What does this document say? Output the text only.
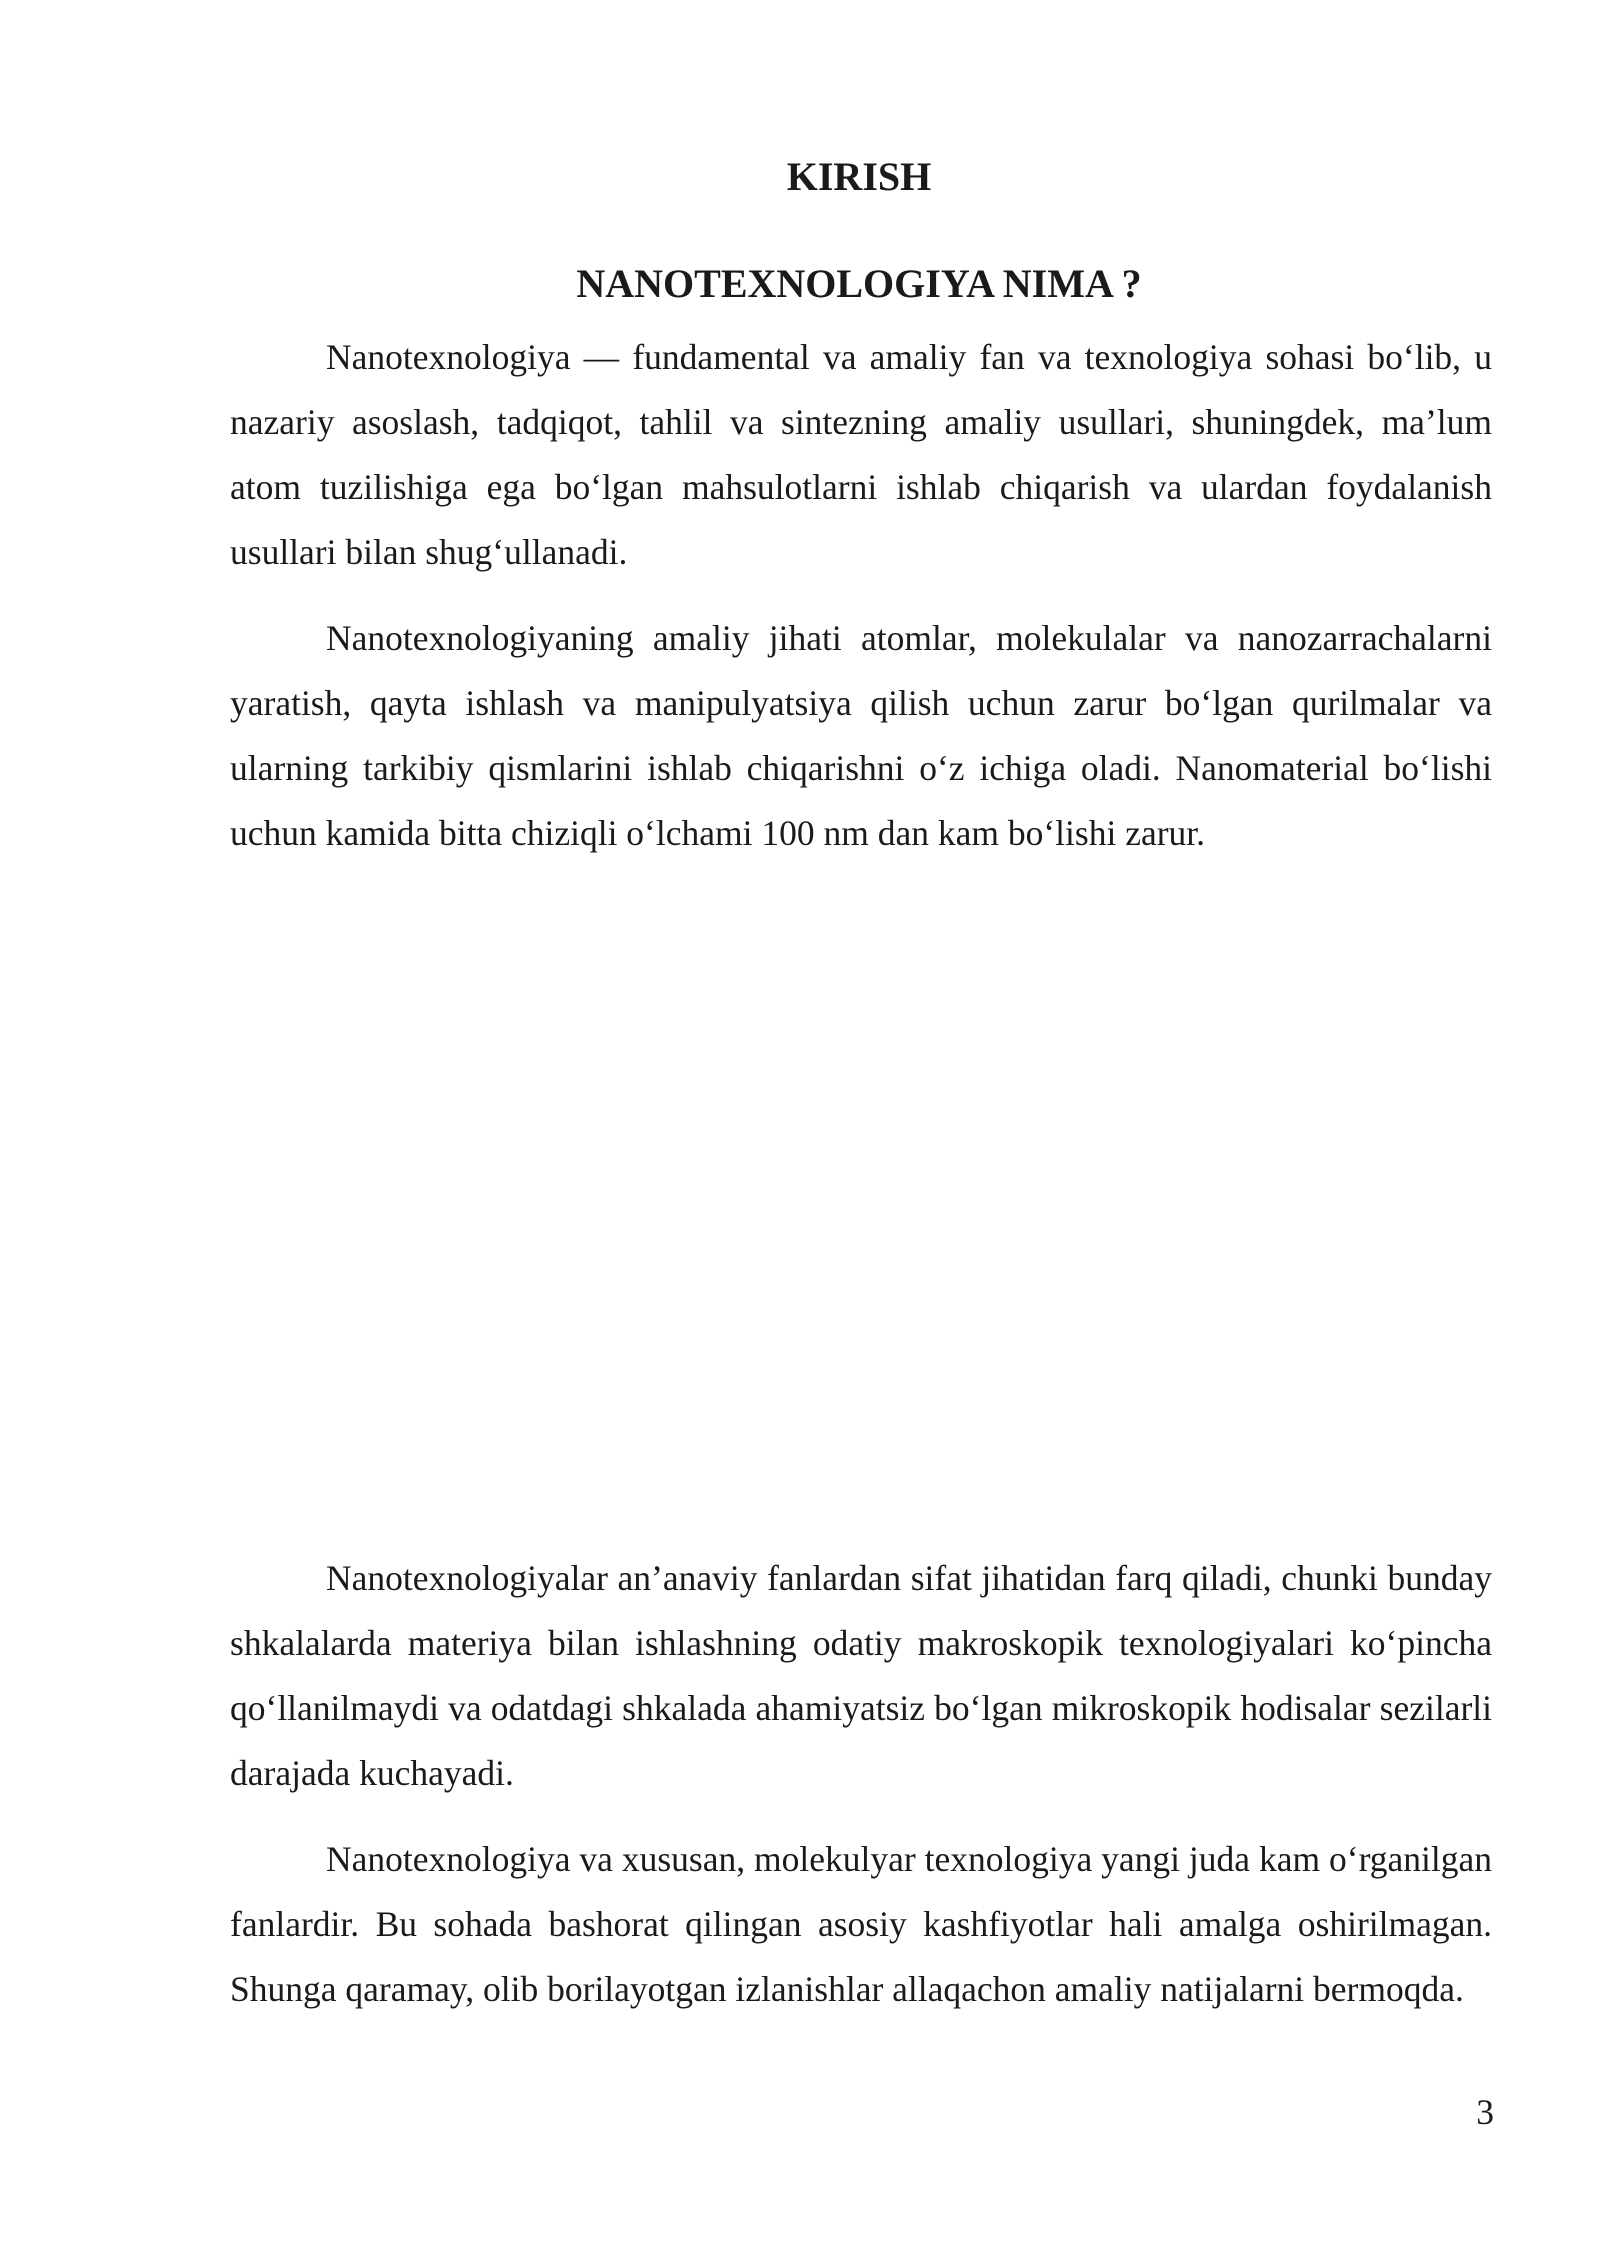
KIRISH
NANOTEXNOLOGIYA NIMA ?

Nanotexnologiya — fundamental va amaliy fan va texnologiya sohasi bo‘lib, u nazariy asoslash, tadqiqot, tahlil va sintezning amaliy usullari, shuningdek, ma’lum atom tuzilishiga ega bo‘lgan mahsulotlarni ishlab chiqarish va ulardan foydalanish usullari bilan shug‘ullanadi.

Nanotexnologiyaning amaliy jihati atomlar, molekulalar va nanozarrachalarni yaratish, qayta ishlash va manipulyatsiya qilish uchun zarur bo‘lgan qurilmalar va ularning tarkibiy qismlarini ishlab chiqarishni o‘z ichiga oladi. Nanomaterial bo‘lishi uchun kamida bitta chiziqli o‘lchami 100 nm dan kam bo‘lishi zarur.

Nanotexnologiyalar an’anaviy fanlardan sifat jihatidan farq qiladi, chunki bunday shkalalarda materiya bilan ishlashning odatiy makroskopik texnologiyalari ko‘pincha qo‘llanilmaydi va odatdagi shkalada ahamiyatsiz bo‘lgan mikroskopik hodisalar sezilarli darajada kuchayadi.

Nanotexnologiya va xususan, molekulyar texnologiya yangi juda kam o‘rganilgan fanlardir. Bu sohada bashorat qilingan asosiy kashfiyotlar hali amalga oshirilmagan. Shunga qaramay, olib borilayotgan izlanishlar allaqachon amaliy natijalarni bermoqda.

3
